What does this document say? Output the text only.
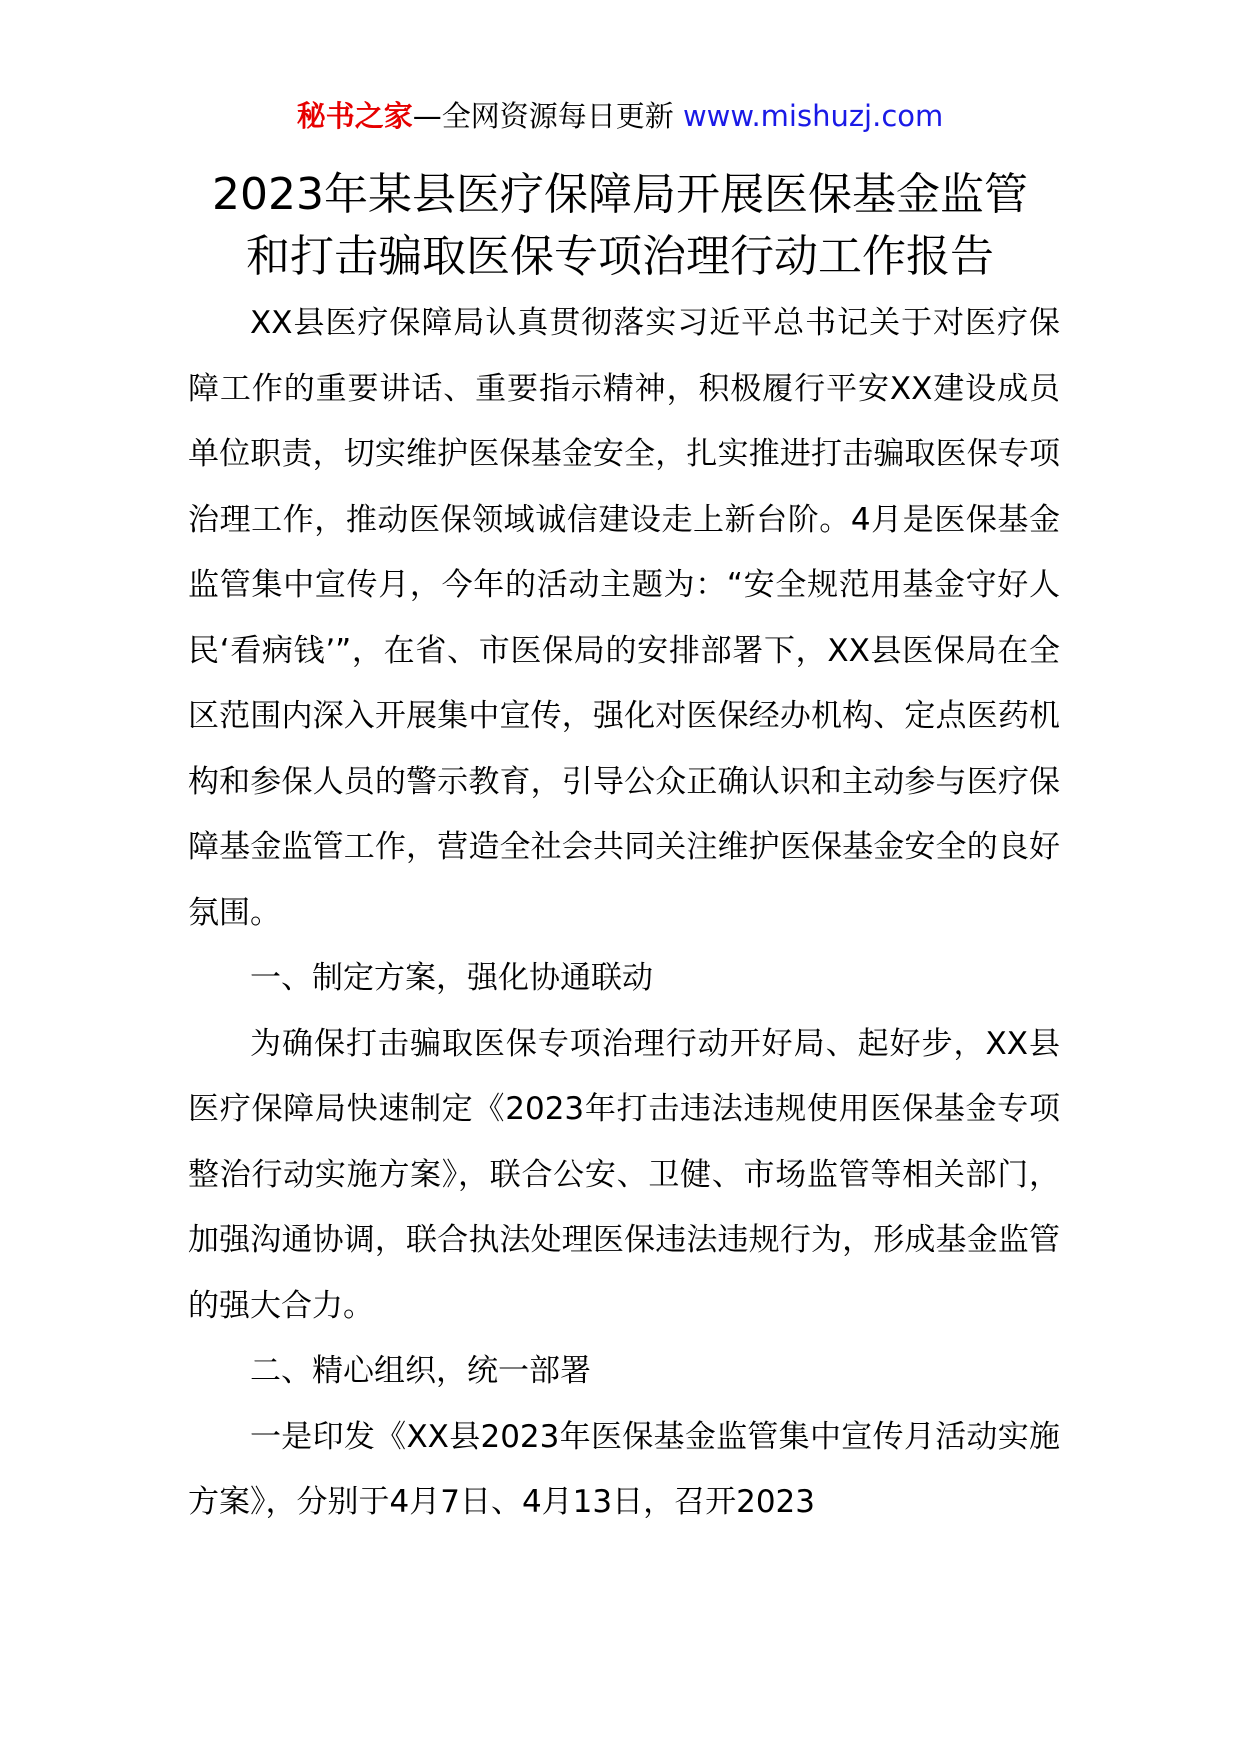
秘书之家—全网资源每日更新 www.mishuzj.com
2023年某县医疗保障局开展医保基金监管
和打击骗取医保专项治理行动工作报告

XX县医疗保障局认真贯彻落实习近平总书记关于对医疗保障工作的重要讲话、重要指示精神，积极履行平安XX建设成员单位职责，切实维护医保基金安全，扎实推进打击骗取医保专项治理工作，推动医保领域诚信建设走上新台阶。4月是医保基金监管集中宣传月，今年的活动主题为：“安全规范用基金守好人民‘看病钱’”，在省、市医保局的安排部署下，XX县医保局在全区范围内深入开展集中宣传，强化对医保经办机构、定点医药机构和参保人员的警示教育，引导公众正确认识和主动参与医疗保障基金监管工作，营造全社会共同关注维护医保基金安全的良好氛围。

一、制定方案，强化协通联动

为确保打击骗取医保专项治理行动开好局、起好步，XX县医疗保障局快速制定《2023年打击违法违规使用医保基金专项整治行动实施方案》，联合公安、卫健、市场监管等相关部门，加强沟通协调，联合执法处理医保违法违规行为，形成基金监管的强大合力。

二、精心组织，统一部署

一是印发《XX县2023年医保基金监管集中宣传月活动实施方案》，分别于4月7日、4月13日，召开2023
